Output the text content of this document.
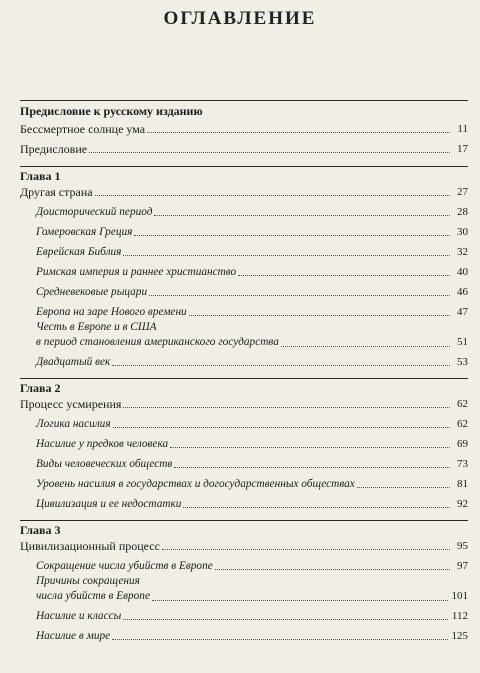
ОГЛАВЛЕНИЕ
Предисловие к русскому изданию
Бессмертное солнце ума	11
Предисловие	17
Глава 1
Другая страна	27
Доисторический период	28
Гомеровская Греция	30
Еврейская Библия	32
Римская империя и раннее христианство	40
Средневековые рыцари	46
Европа на заре Нового времени	47
Честь в Европе и в США
в период становления американского государства	51
Двадцатый век	53
Глава 2
Процесс усмирения	62
Логика насилия	62
Насилие у предков человека	69
Виды человеческих обществ	73
Уровень насилия в государствах и догосударственных обществах	81
Цивилизация и ее недостатки	92
Глава 3
Цивилизационный процесс	95
Сокращение числа убийств в Европе	97
Причины сокращения
числа убийств в Европе	101
Насилие и классы	112
Насилие в мире	125
